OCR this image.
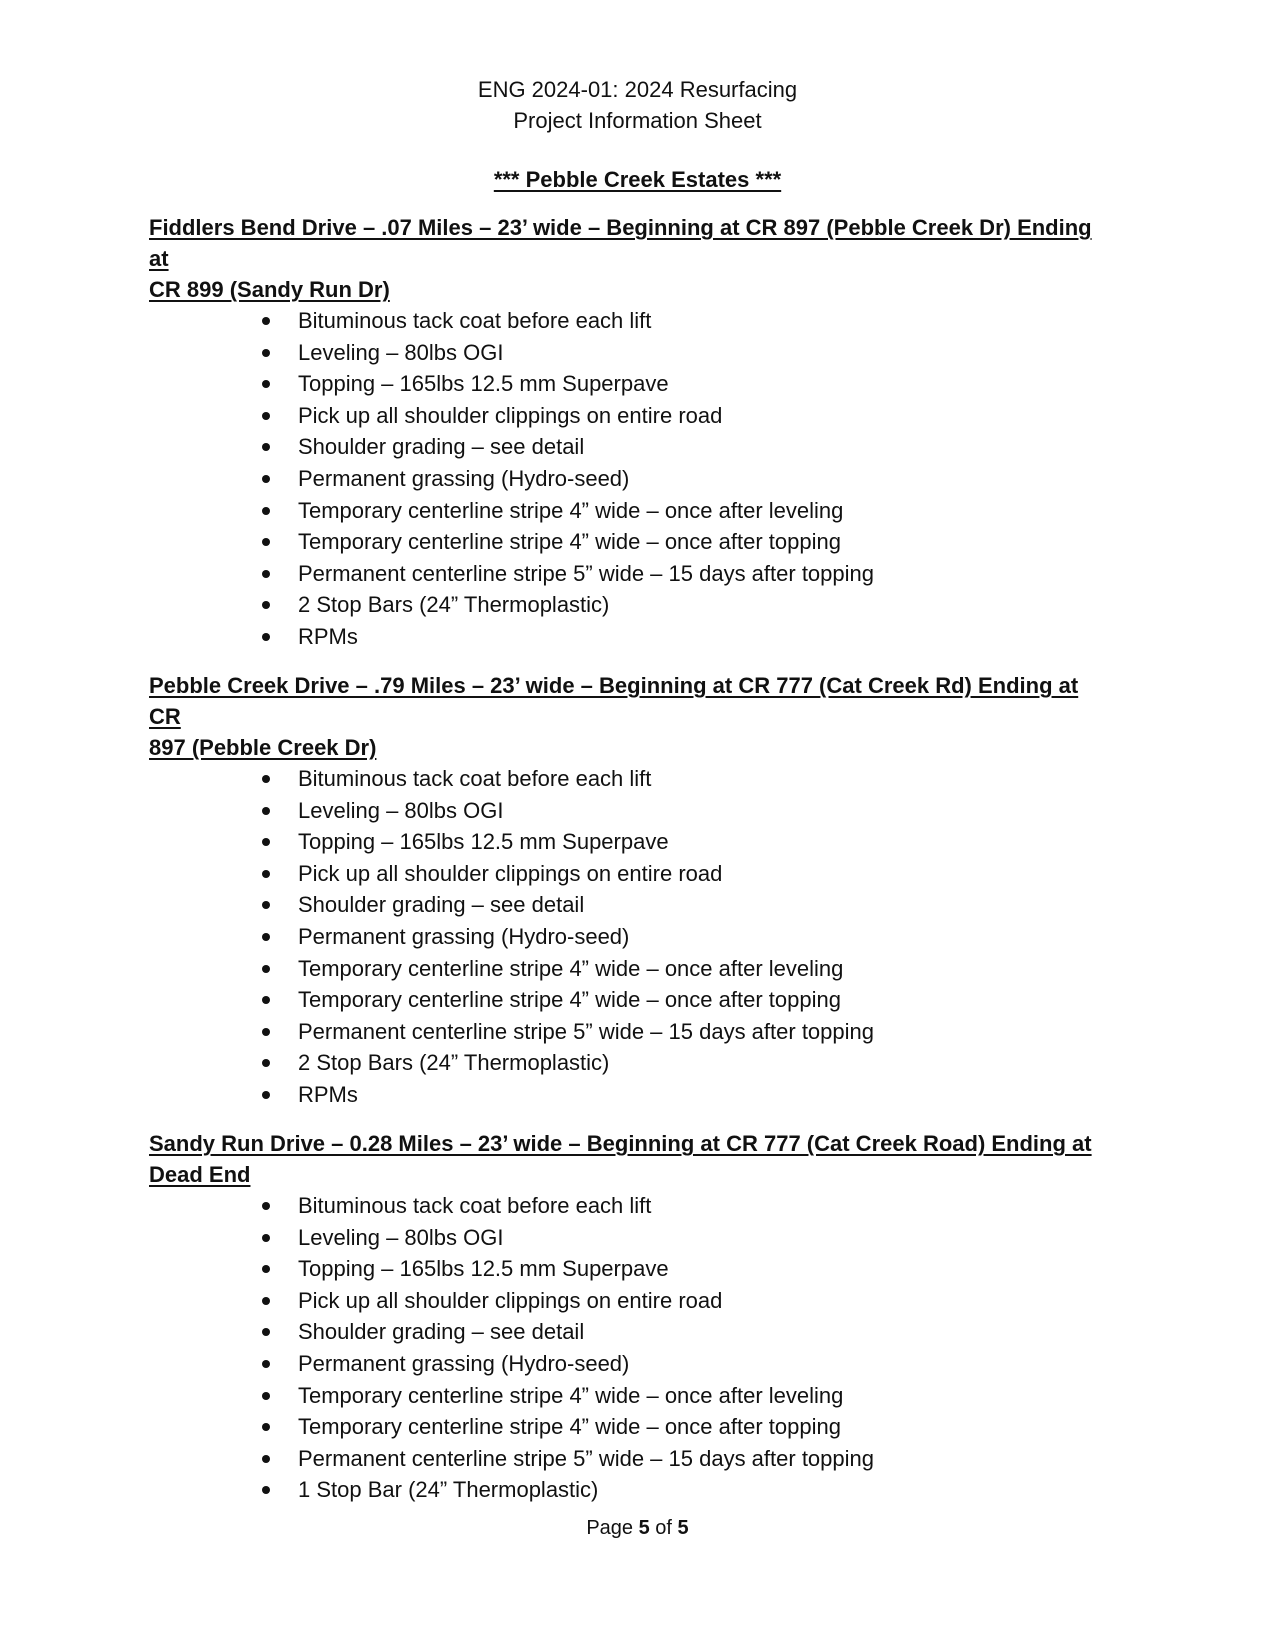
ENG 2024-01: 2024 Resurfacing
Project Information Sheet
*** Pebble Creek Estates ***

Fiddlers Bend Drive – .07 Miles – 23’ wide – Beginning at CR 897 (Pebble Creek Dr) Ending at
CR 899 (Sandy Run Dr)

Bituminous tack coat before each lift
Leveling – 80lbs OGI
Topping – 165lbs 12.5 mm Superpave
Pick up all shoulder clippings on entire road
Shoulder grading – see detail
Permanent grassing (Hydro-seed)
Temporary centerline stripe 4” wide – once after leveling
Temporary centerline stripe 4” wide – once after topping
Permanent centerline stripe 5” wide – 15 days after topping
2 Stop Bars (24” Thermoplastic)
RPMs

Pebble Creek Drive – .79 Miles – 23’ wide – Beginning at CR 777 (Cat Creek Rd) Ending at CR
897 (Pebble Creek Dr)

Bituminous tack coat before each lift
Leveling – 80lbs OGI
Topping – 165lbs 12.5 mm Superpave
Pick up all shoulder clippings on entire road
Shoulder grading – see detail
Permanent grassing (Hydro-seed)
Temporary centerline stripe 4” wide – once after leveling
Temporary centerline stripe 4” wide – once after topping
Permanent centerline stripe 5” wide – 15 days after topping
2 Stop Bars (24” Thermoplastic)
RPMs

Sandy Run Drive – 0.28 Miles – 23’ wide – Beginning at CR 777 (Cat Creek Road) Ending at
Dead End

Bituminous tack coat before each lift
Leveling – 80lbs OGI
Topping – 165lbs 12.5 mm Superpave
Pick up all shoulder clippings on entire road
Shoulder grading – see detail
Permanent grassing (Hydro-seed)
Temporary centerline stripe 4” wide – once after leveling
Temporary centerline stripe 4” wide – once after topping
Permanent centerline stripe 5” wide – 15 days after topping
1 Stop Bar (24” Thermoplastic)
Page 5 of 5
